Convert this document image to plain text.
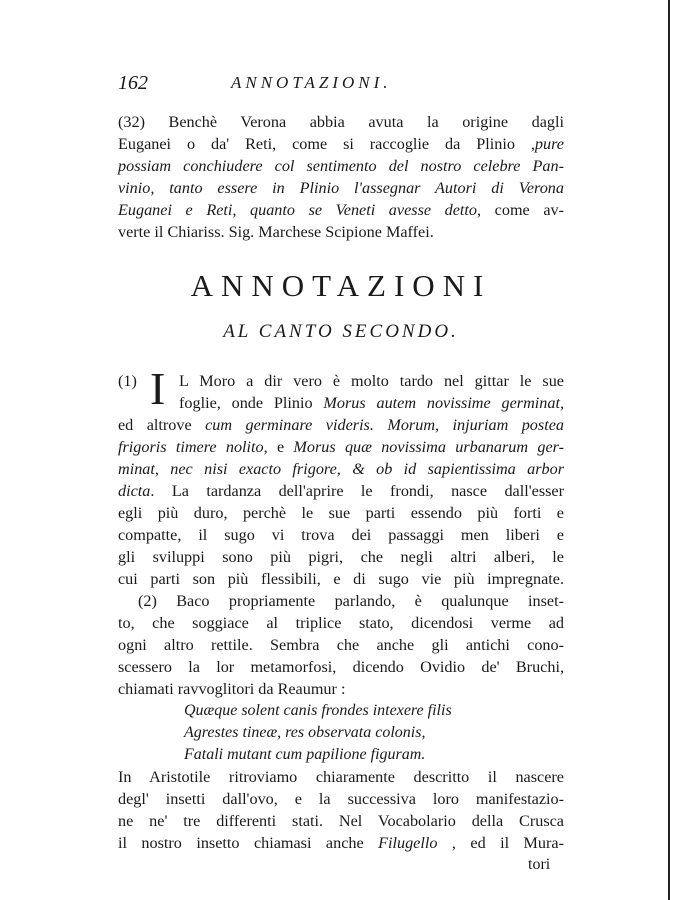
162	ANNOTAZIONI.
(32) Benchè Verona abbia avuta la origine dagli
Euganei o da' Reti, come si raccoglie da Plinio ,pure
possiam conchiudere col sentimento del nostro celebre Pan-
vinio, tanto essere in Plinio l'assegnar Autori di Verona
Euganei e Reti, quanto se Veneti avesse detto, come av-
verte il Chiariss. Sig. Marchese Scipione Maffei.
ANNOTAZIONI
AL CANTO SECONDO.
I
(1)	L Moro a dir vero è molto tardo nel gittar le sue
foglie, onde Plinio Morus autem novissime germinat,
ed altrove cum germinare videris. Morum, injuriam postea
frigoris timere nolito, e Morus quæ novissima urbanarum ger-
minat, nec nisi exacto frigore, & ob id sapientissima arbor
dicta. La tardanza dell'aprire le frondi, nasce dall'esser
egli più duro, perchè le sue parti essendo più forti e
compatte, il sugo vi trova dei passaggi men liberi e
gli sviluppi sono più pigri, che negli altri alberi, le
cui parti son più flessibili, e di sugo vie più impregnate.
(2) Baco propriamente parlando, è qualunque inset-
to, che soggiace al triplice stato, dicendosi verme ad
ogni altro rettile. Sembra che anche gli antichi cono-
scessero la lor metamorfosi, dicendo Ovidio de' Bruchi,
chiamati ravvoglitori da Reaumur :
Quæque solent canis frondes intexere filis
Agrestes tineæ, res observata colonis,
Fatali mutant cum papilione figuram.
In Aristotile ritroviamo chiaramente descritto il nascere
degl' insetti dall'ovo, e la successiva loro manifestazio-
ne ne' tre differenti stati. Nel Vocabolario della Crusca
il nostro insetto chiamasi anche Filugello , ed il Mura-
tori
